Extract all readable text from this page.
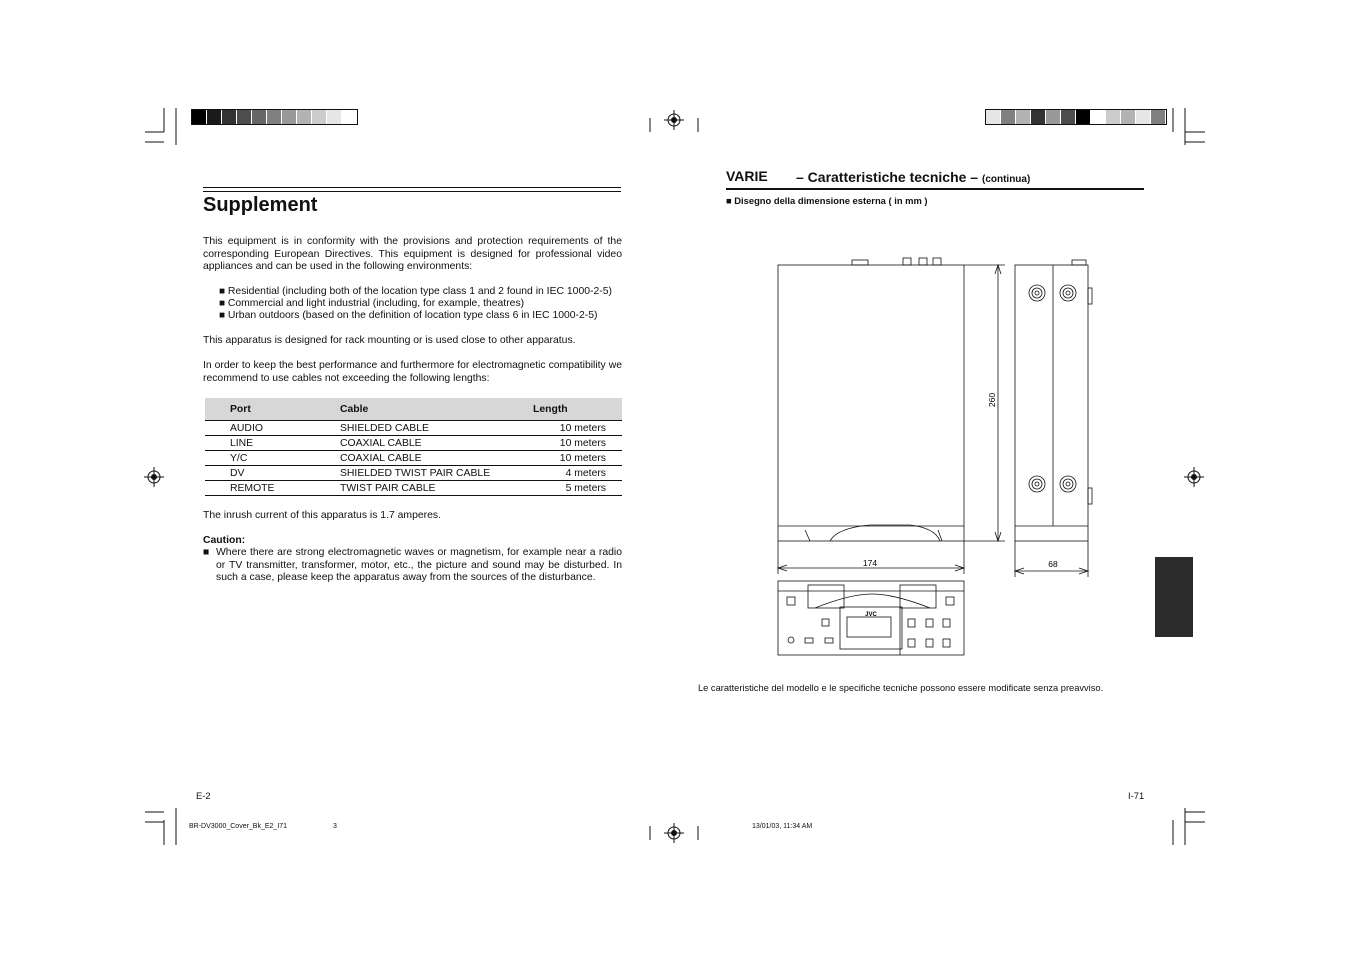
Supplement

This equipment is in conformity with the provisions and protection requirements of the corresponding European Directives. This equipment is designed for professional video appliances and can be used in the following environments:

■ Residential (including both of the location type class 1 and 2 found in IEC 1000-2-5)
■ Commercial and light industrial (including, for example, theatres)
■ Urban outdoors (based on the definition of location type class 6 in IEC 1000-2-5)

This apparatus is designed for rack mounting or is used close to other apparatus.

In order to keep the best performance and furthermore for electromagnetic compatibility we recommend to use cables not exceeding the following lengths:

Port	Cable	Length
AUDIO	SHIELDED CABLE	10 meters
LINE	COAXIAL CABLE	10 meters
Y/C	COAXIAL CABLE	10 meters
DV	SHIELDED TWIST PAIR CABLE	4 meters
REMOTE	TWIST PAIR CABLE	5 meters

The inrush current of this apparatus is 1.7 amperes.

Caution:

■ Where there are strong electromagnetic waves or magnetism, for example near a radio or TV transmitter, transformer, motor, etc., the picture and sound may be disturbed. In such a case, please keep the apparatus away from the sources of the disturbance.

E-2
VARIE – Caratteristiche tecniche – (continua)
■ Disegno della dimensione esterna ( in mm )
174
260
68
JVC
Le caratteristiche del modello e le specifiche tecniche possono essere modificate senza preavviso.
I-71
BR-DV3000_Cover_Bk_E2_I71	3	13/01/03, 11:34 AM
